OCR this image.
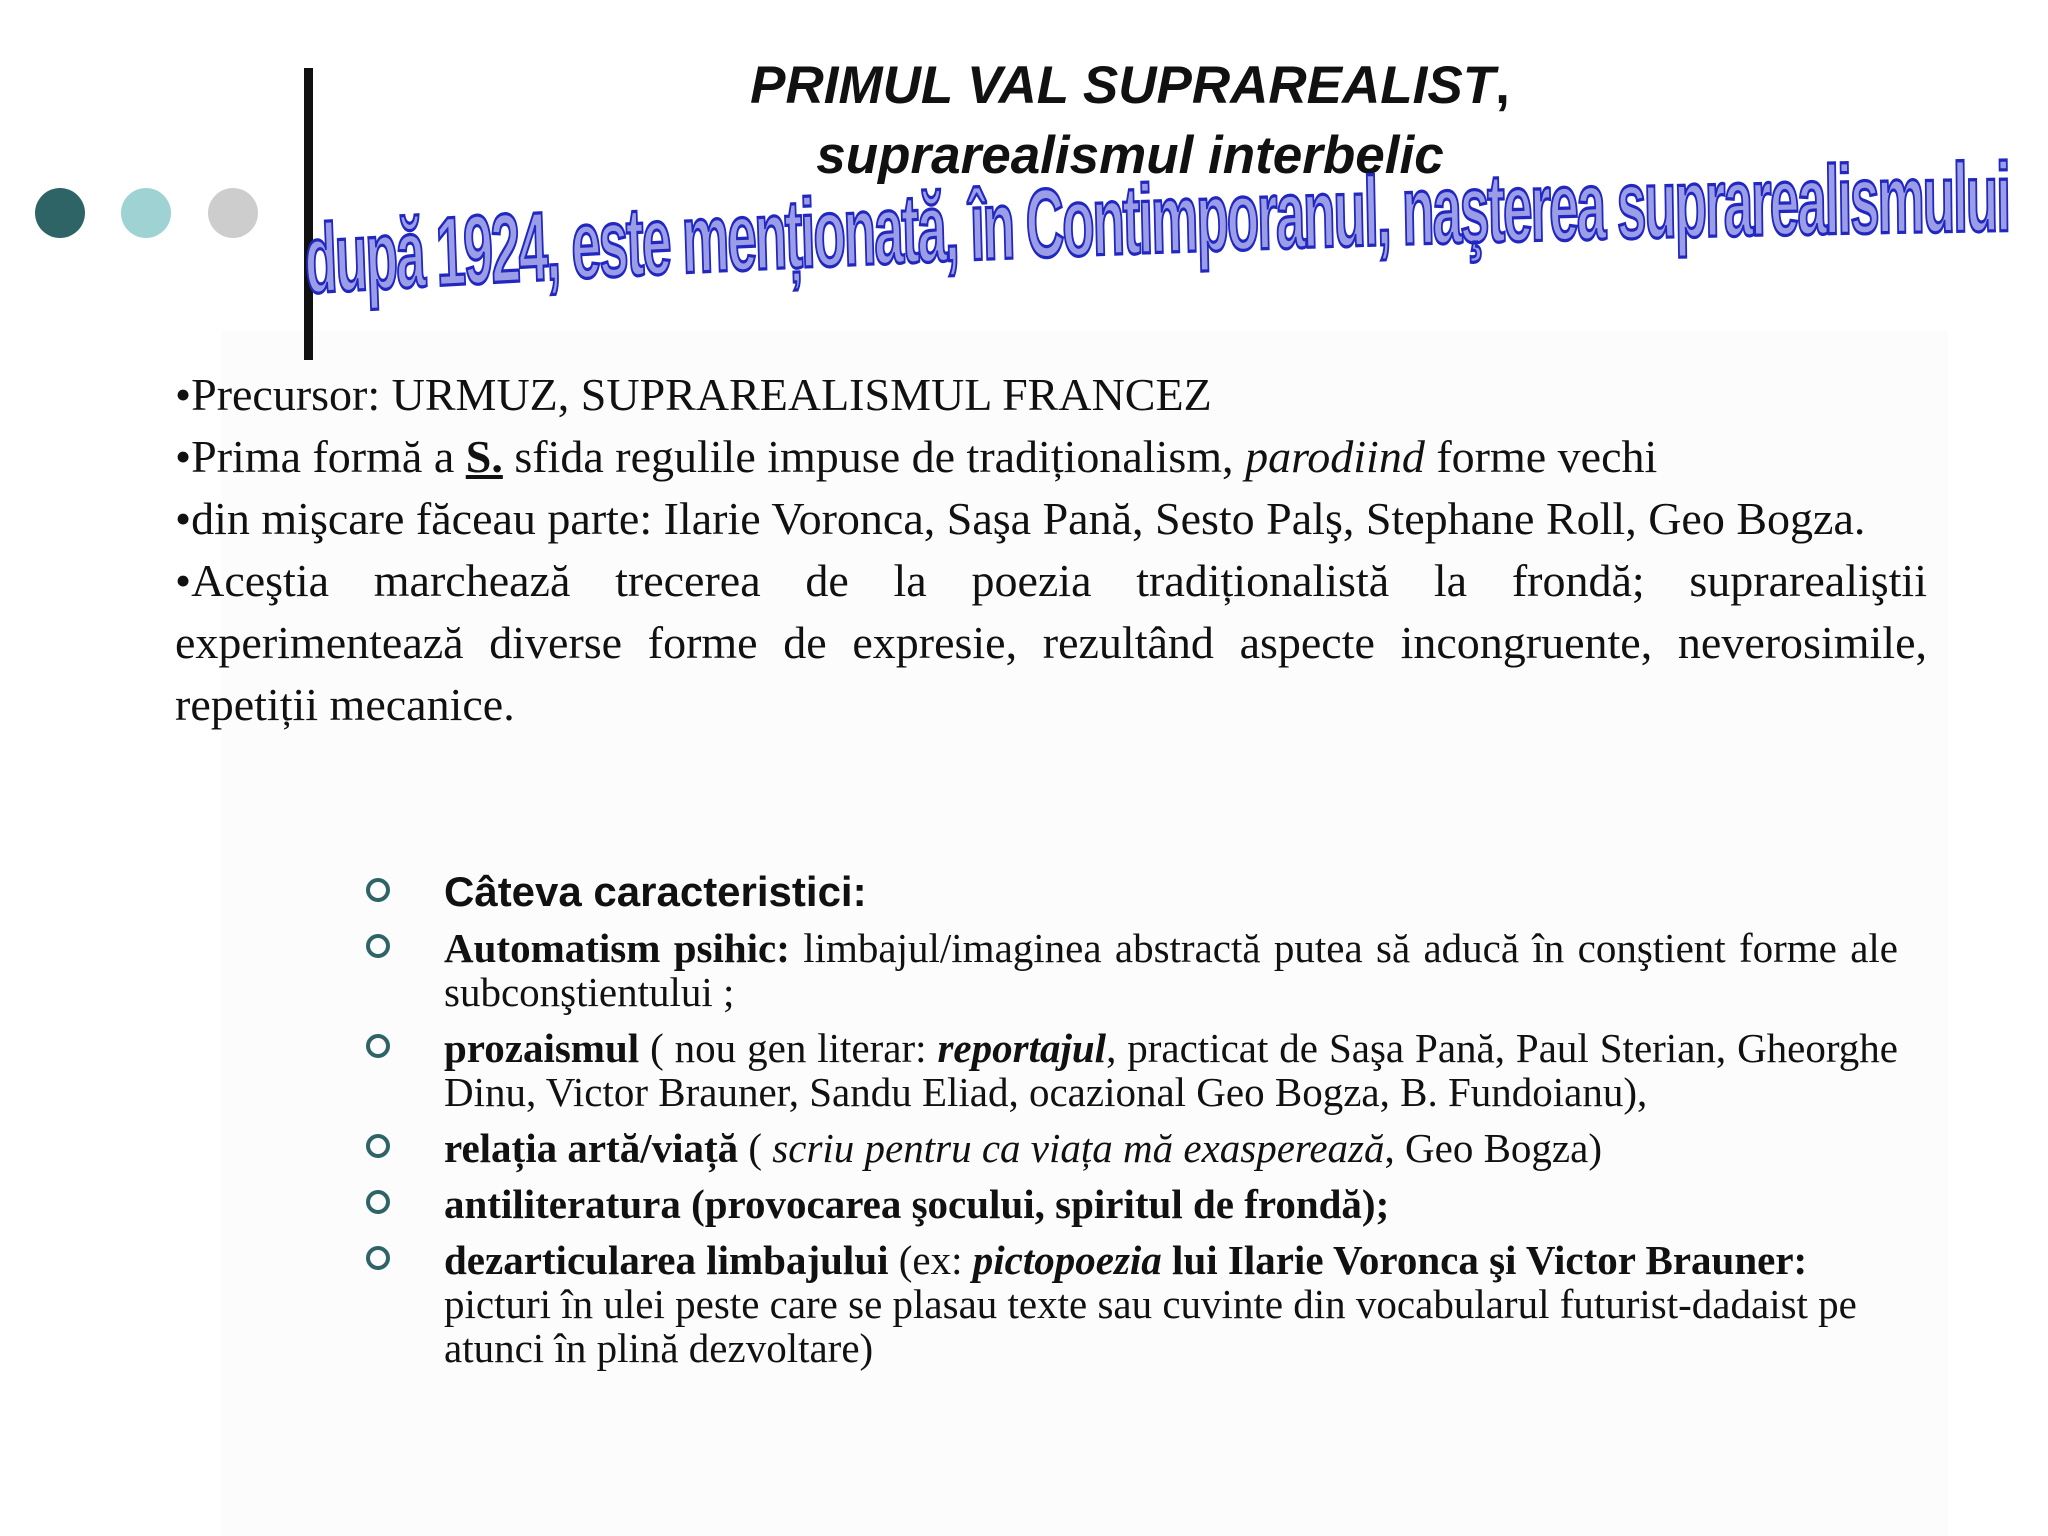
PRIMUL VAL SUPRAREALIST,
suprarealismul interbelic
după 1924, este menționată, în Contimporanul, naşterea suprarealismului

•Precursor: URMUZ, SUPRAREALISMUL FRANCEZ

•Prima formă a S. sfida regulile impuse de tradiționalism, parodiind forme vechi

•din mişcare făceau parte: Ilarie Voronca, Saşa Pană, Sesto Palş, Stephane Roll, Geo Bogza.

•Aceştia marchează trecerea de la poezia tradiționalistă la frondă; suprarealiştii experimentează diverse forme de expresie, rezultând aspecte incongruente, neverosimile, repetiții mecanice.

Câteva caracteristici:
Automatism psihic: limbajul/imaginea abstractă putea să aducă în conştient forme ale subconştientului ;
prozaismul ( nou gen literar: reportajul, practicat de Saşa Pană, Paul Sterian, Gheorghe Dinu, Victor Brauner, Sandu Eliad, ocazional Geo Bogza, B. Fundoianu),
relația artă/viață ( scriu pentru ca viața mă exasperează, Geo Bogza)
antiliteratura (provocarea şocului, spiritul de frondă);
dezarticularea limbajului (ex: pictopoezia lui Ilarie Voronca şi Victor Brauner: picturi în ulei peste care se plasau texte sau cuvinte din vocabularul futurist-dadaist pe atunci în plină dezvoltare)
